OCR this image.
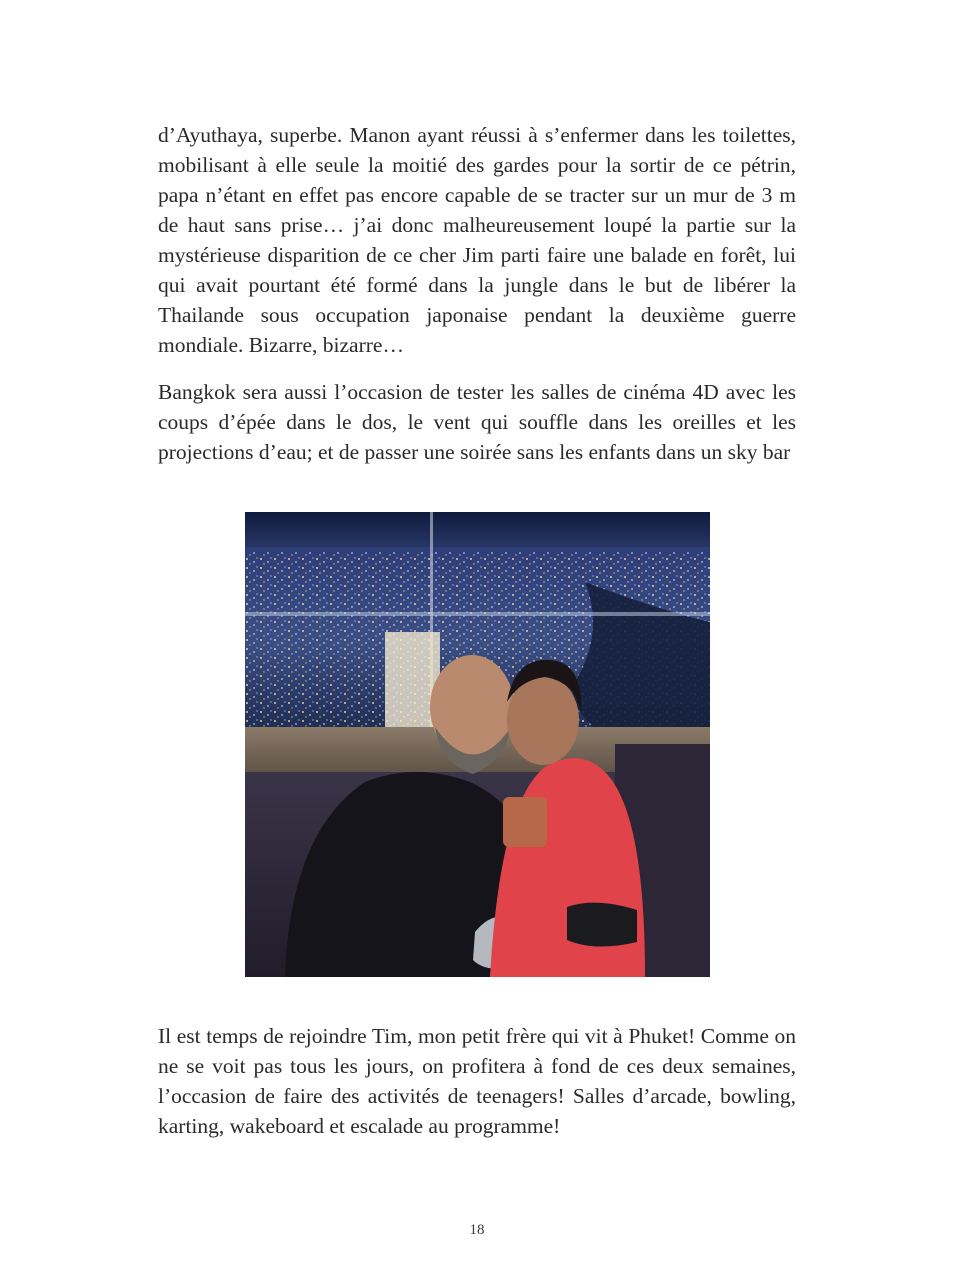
d’Ayuthaya, superbe. Manon ayant réussi à s’enfermer dans les toilettes, mobilisant à elle seule la moitié des gardes pour la sortir de ce pétrin, papa n’étant en effet pas encore capable de se tracter sur un mur de 3 m de haut sans prise… j’ai donc malheureusement loupé la partie sur la mystérieuse disparition de ce cher Jim parti faire une balade en forêt, lui qui avait pourtant été formé dans la jungle dans le but de libérer la Thailande sous occupation japonaise pendant la deuxième guerre mondiale. Bizarre, bizarre…

Bangkok sera aussi l’occasion de tester les salles de cinéma 4D avec les coups d’épée dans le dos, le vent qui souffle dans les oreilles et les projections d’eau; et de passer une soirée sans les enfants dans un sky bar

Il est temps de rejoindre Tim, mon petit frère qui vit à Phuket! Comme on ne se voit pas tous les jours, on profitera à fond de ces deux semaines, l’occasion de faire des activités de teenagers! Salles d’arcade, bowling, karting, wakeboard et escalade au programme!

18
